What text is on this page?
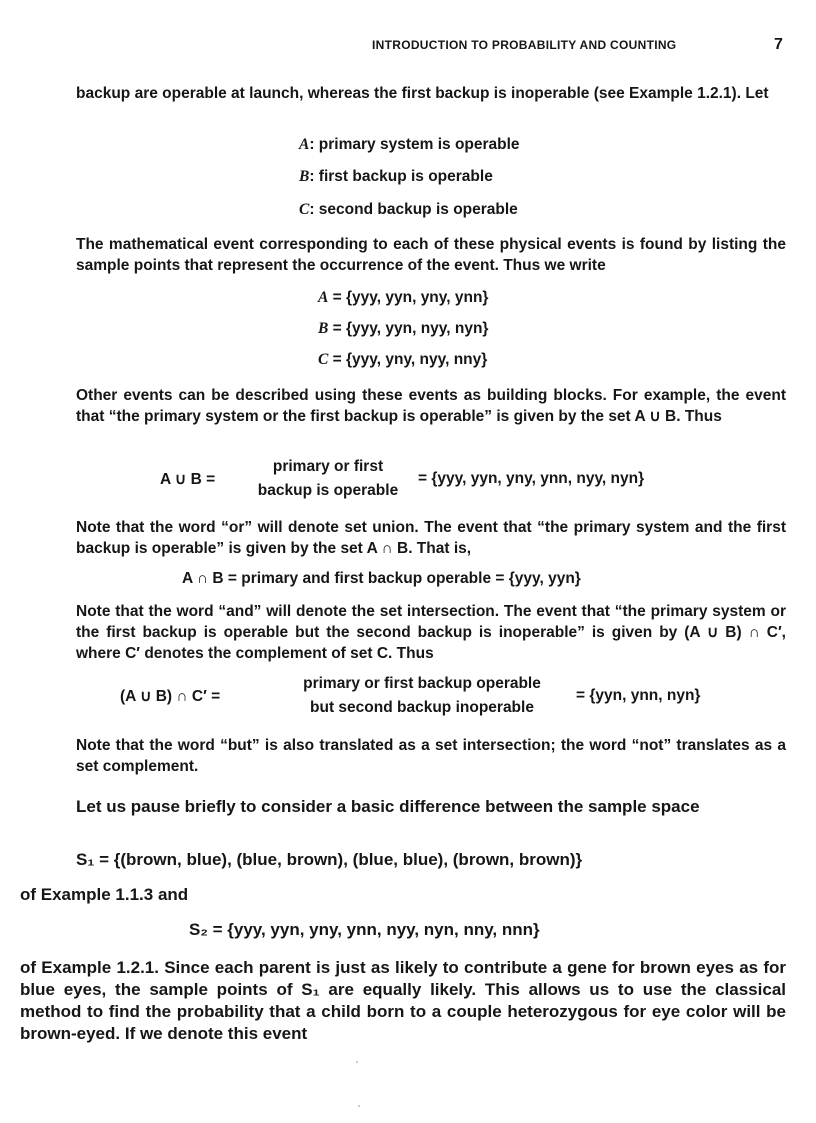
INTRODUCTION TO PROBABILITY AND COUNTING	7
backup are operable at launch, whereas the first backup is inoperable (see Example 1.2.1). Let
A: primary system is operable
B: first backup is operable
C: second backup is operable
The mathematical event corresponding to each of these physical events is found by listing the sample points that represent the occurrence of the event. Thus we write
A = {yyy, yyn, yny, ynn}
B = {yyy, yyn, nyy, nyn}
C = {yyy, yny, nyy, nny}
Other events can be described using these events as building blocks. For example, the event that “the primary system or the first backup is operable” is given by the set A ∪ B. Thus
A ∪ B =
primary or first
backup is operable
= {yyy, yyn, yny, ynn, nyy, nyn}
Note that the word “or” will denote set union. The event that “the primary system and the first backup is operable” is given by the set A ∩ B. That is,
A ∩ B = primary and first backup operable = {yyy, yyn}
Note that the word “and” will denote the set intersection. The event that “the primary system or the first backup is operable but the second backup is inoperable” is given by (A ∪ B) ∩ C′, where C′ denotes the complement of set C. Thus
(A ∪ B) ∩ C′ =
primary or first backup operable
but second backup inoperable
= {yyn, ynn, nyn}
Note that the word “but” is also translated as a set intersection; the word “not” translates as a set complement.
Let us pause briefly to consider a basic difference between the sample space
S₁ = {(brown, blue), (blue, brown), (blue, blue), (brown, brown)}
of Example 1.1.3 and
S₂ = {yyy, yyn, yny, ynn, nyy, nyn, nny, nnn}
of Example 1.2.1. Since each parent is just as likely to contribute a gene for brown eyes as for blue eyes, the sample points of S₁ are equally likely. This allows us to use the classical method to find the probability that a child born to a couple heterozygous for eye color will be brown-eyed. If we denote this event
